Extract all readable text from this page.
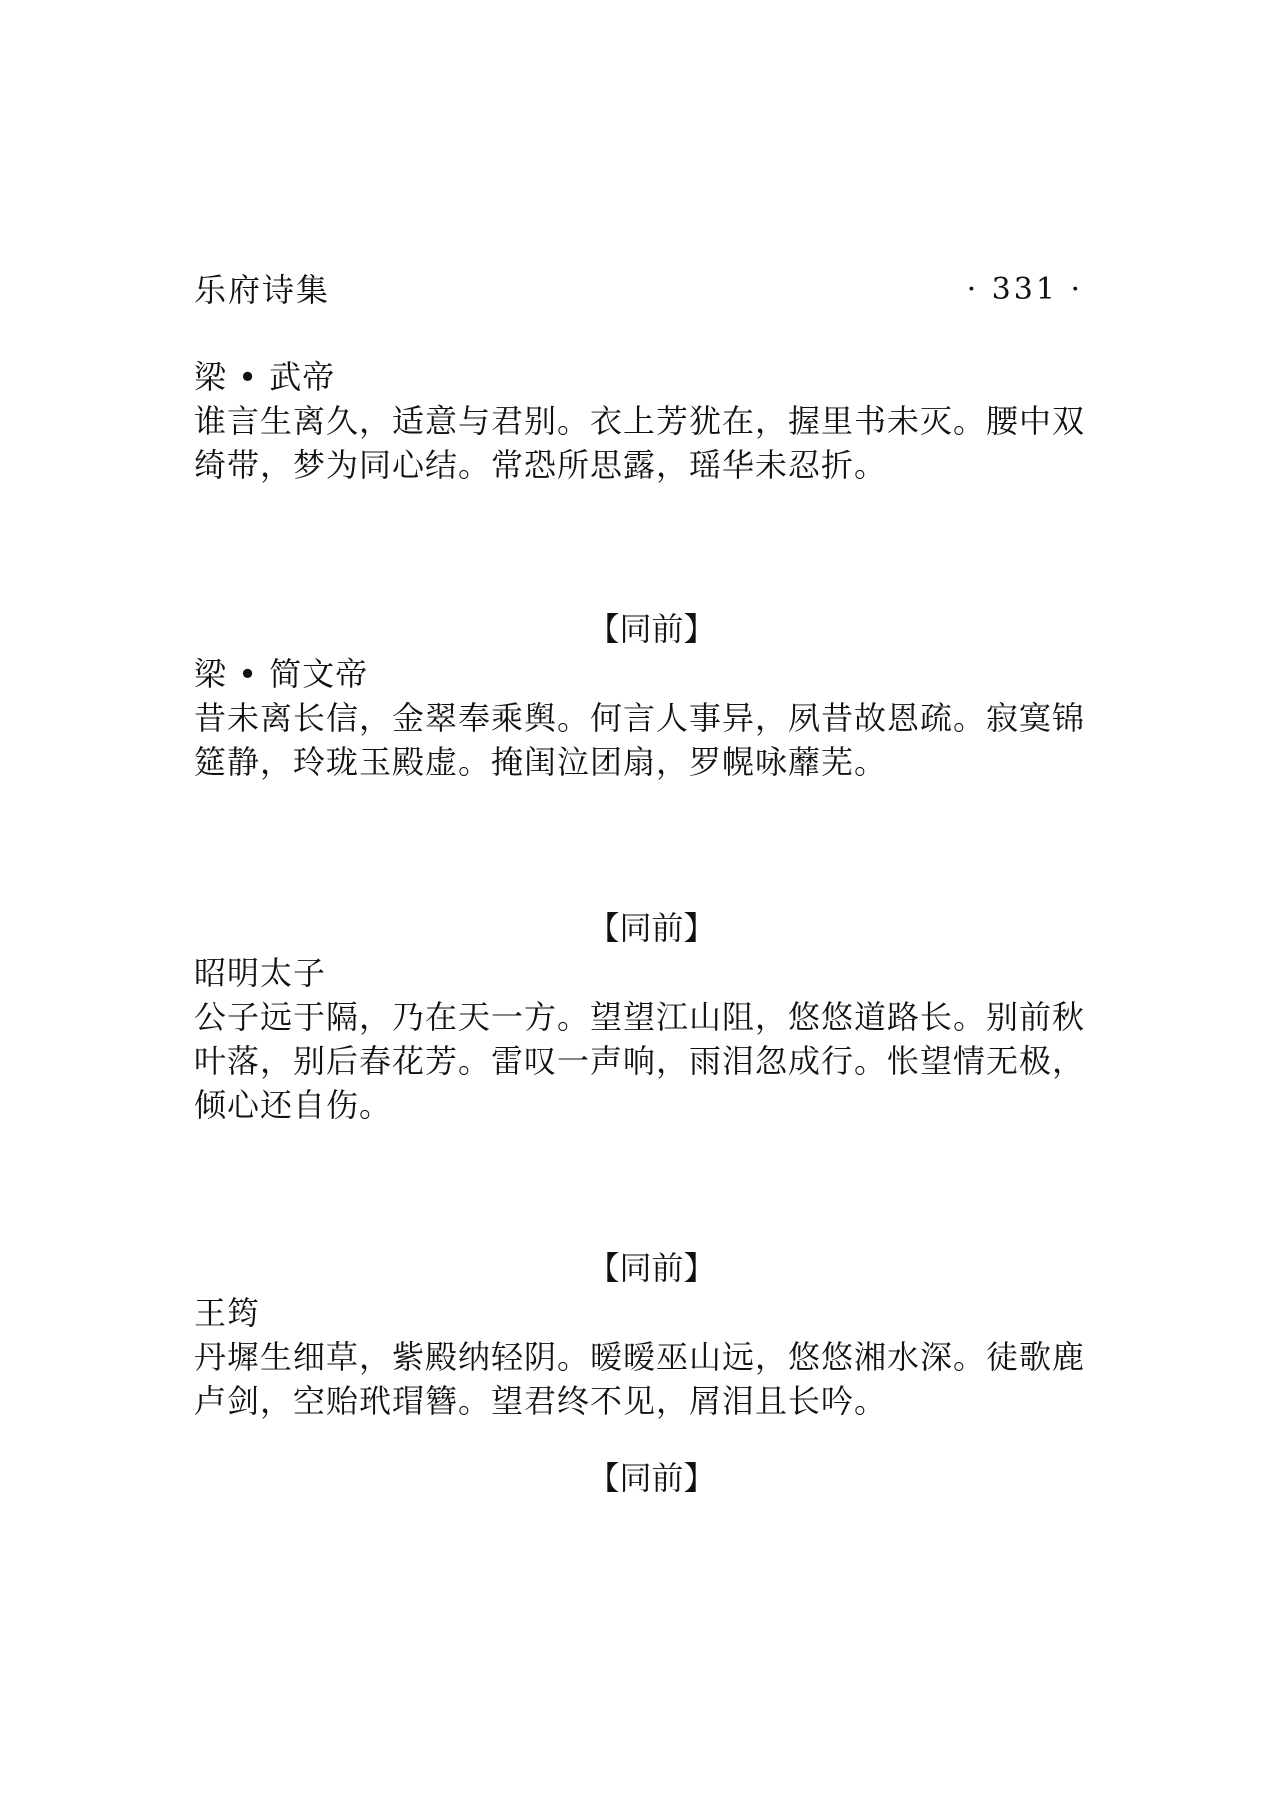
乐府诗集	· 331 ·
梁 • 武帝
谁言生离久，适意与君别。衣上芳犹在，握里书未灭。腰中双绮带，梦为同心结。常恐所思露，瑶华未忍折。
【同前】
梁 • 简文帝
昔未离长信，金翠奉乘舆。何言人事异，夙昔故恩疏。寂寞锦筵静，玲珑玉殿虚。掩闺泣团扇，罗幌咏蘼芜。
【同前】
昭明太子
公子远于隔，乃在天一方。望望江山阻，悠悠道路长。别前秋叶落，别后春花芳。雷叹一声响，雨泪忽成行。怅望情无极，倾心还自伤。
【同前】
王筠
丹墀生细草，紫殿纳轻阴。暧暧巫山远，悠悠湘水深。徒歌鹿卢剑，空贻玳瑁簪。望君终不见，屑泪且长吟。
【同前】
